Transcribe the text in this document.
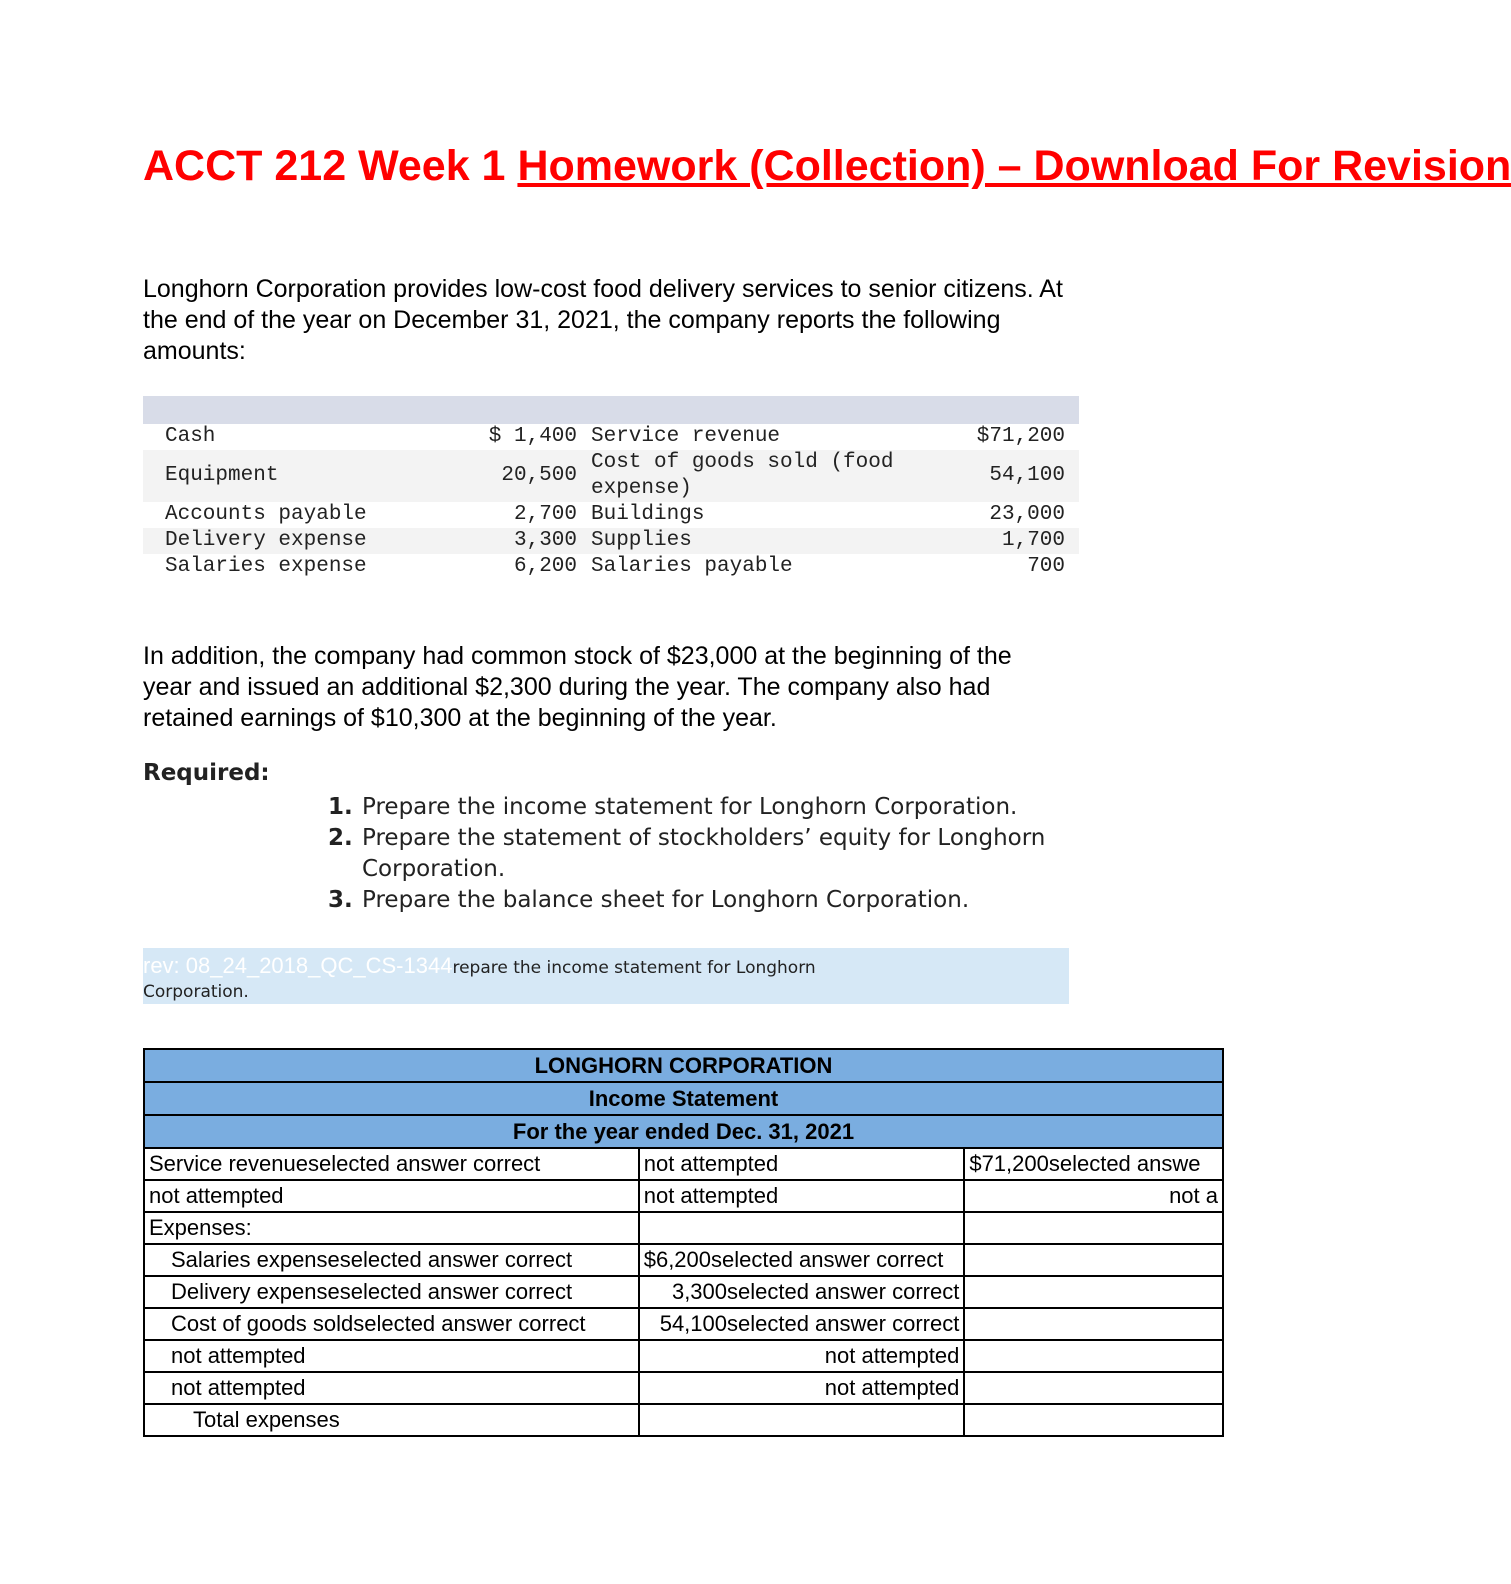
ACCT 212 Week 1 Homework (Collection) – Download For Revision

Longhorn Corporation provides low-cost food delivery services to senior citizens. At the end of the year on December 31, 2021, the company reports the following amounts:

Cash	$ 1,400	Service revenue	$71,200
Equipment	20,500	Cost of goods sold (food expense)	54,100
Accounts payable	2,700	Buildings	23,000
Delivery expense	3,300	Supplies	1,700
Salaries expense	6,200	Salaries payable	700

In addition, the company had common stock of $23,000 at the beginning of the year and issued an additional $2,300 during the year. The company also had retained earnings of $10,300 at the beginning of the year.

Required:
1. Prepare the income statement for Longhorn Corporation.
2. Prepare the statement of stockholders’ equity for Longhorn Corporation.
3. Prepare the balance sheet for Longhorn Corporation.
rev: 08_24_2018_QC_CS-1344repare the income statement for Longhorn
Corporation.
LONGHORN CORPORATION		
Income Statement		
For the year ended Dec. 31, 2021		
Service revenueselected answer correct	not attempted	$71,200selected answe
not attempted	not attempted	not a
Expenses:		
Salaries expenseselected answer correct	$6,200selected answer correct	
Delivery expenseselected answer correct	3,300selected answer correct	
Cost of goods soldselected answer correct	54,100selected answer correct	
not attempted	not attempted	
not attempted	not attempted	
Total expenses		
